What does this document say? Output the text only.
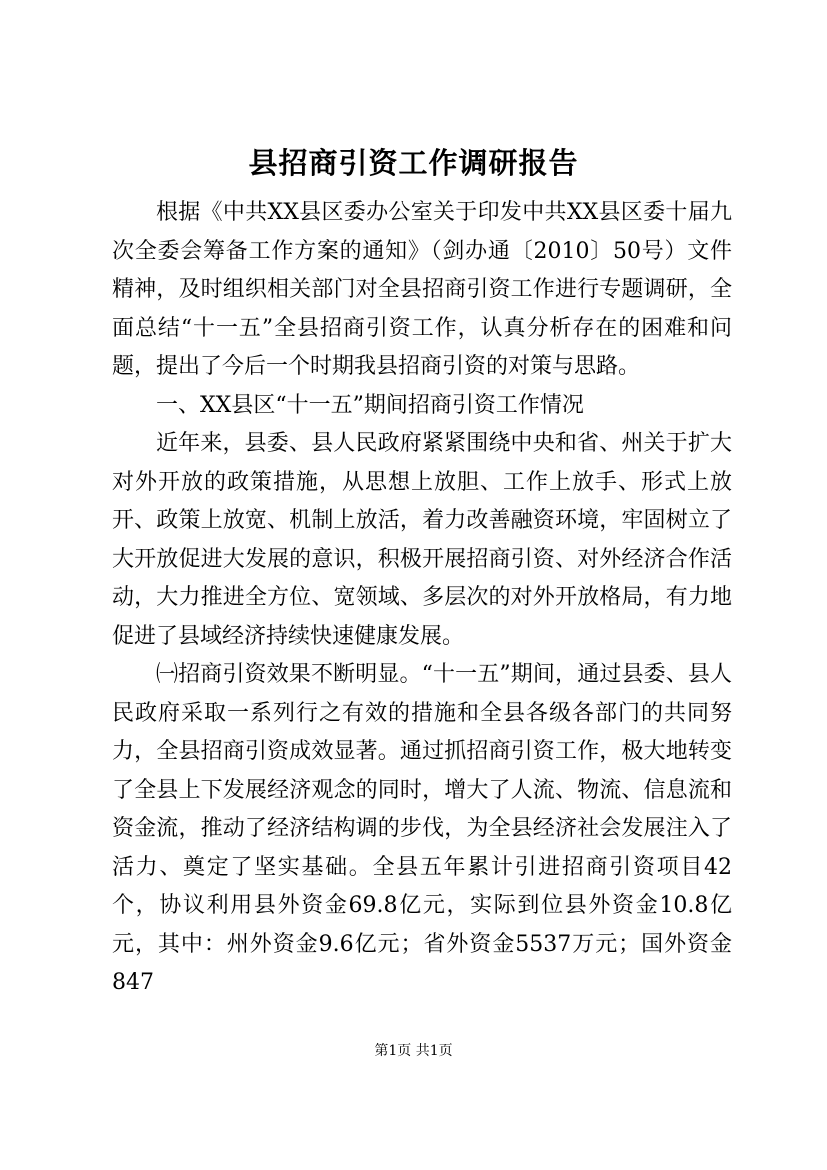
县招商引资工作调研报告

根据《中共XX县区委办公室关于印发中共XX县区委十届九次全委会筹备工作方案的通知》（剑办通〔2010〕50号）文件精神，及时组织相关部门对全县招商引资工作进行专题调研，全面总结“十一五”全县招商引资工作，认真分析存在的困难和问题，提出了今后一个时期我县招商引资的对策与思路。

一、XX县区“十一五”期间招商引资工作情况

近年来，县委、县人民政府紧紧围绕中央和省、州关于扩大对外开放的政策措施，从思想上放胆、工作上放手、形式上放开、政策上放宽、机制上放活，着力改善融资环境，牢固树立了大开放促进大发展的意识，积极开展招商引资、对外经济合作活动，大力推进全方位、宽领域、多层次的对外开放格局，有力地促进了县域经济持续快速健康发展。

㈠招商引资效果不断明显。“十一五”期间，通过县委、县人民政府采取一系列行之有效的措施和全县各级各部门的共同努力，全县招商引资成效显著。通过抓招商引资工作，极大地转变了全县上下发展经济观念的同时，增大了人流、物流、信息流和资金流，推动了经济结构调的步伐，为全县经济社会发展注入了活力、奠定了坚实基础。全县五年累计引进招商引资项目42个，协议利用县外资金69.8亿元，实际到位县外资金10.8亿元，其中：州外资金9.6亿元；省外资金5537万元；国外资金847

第1页 共1页
